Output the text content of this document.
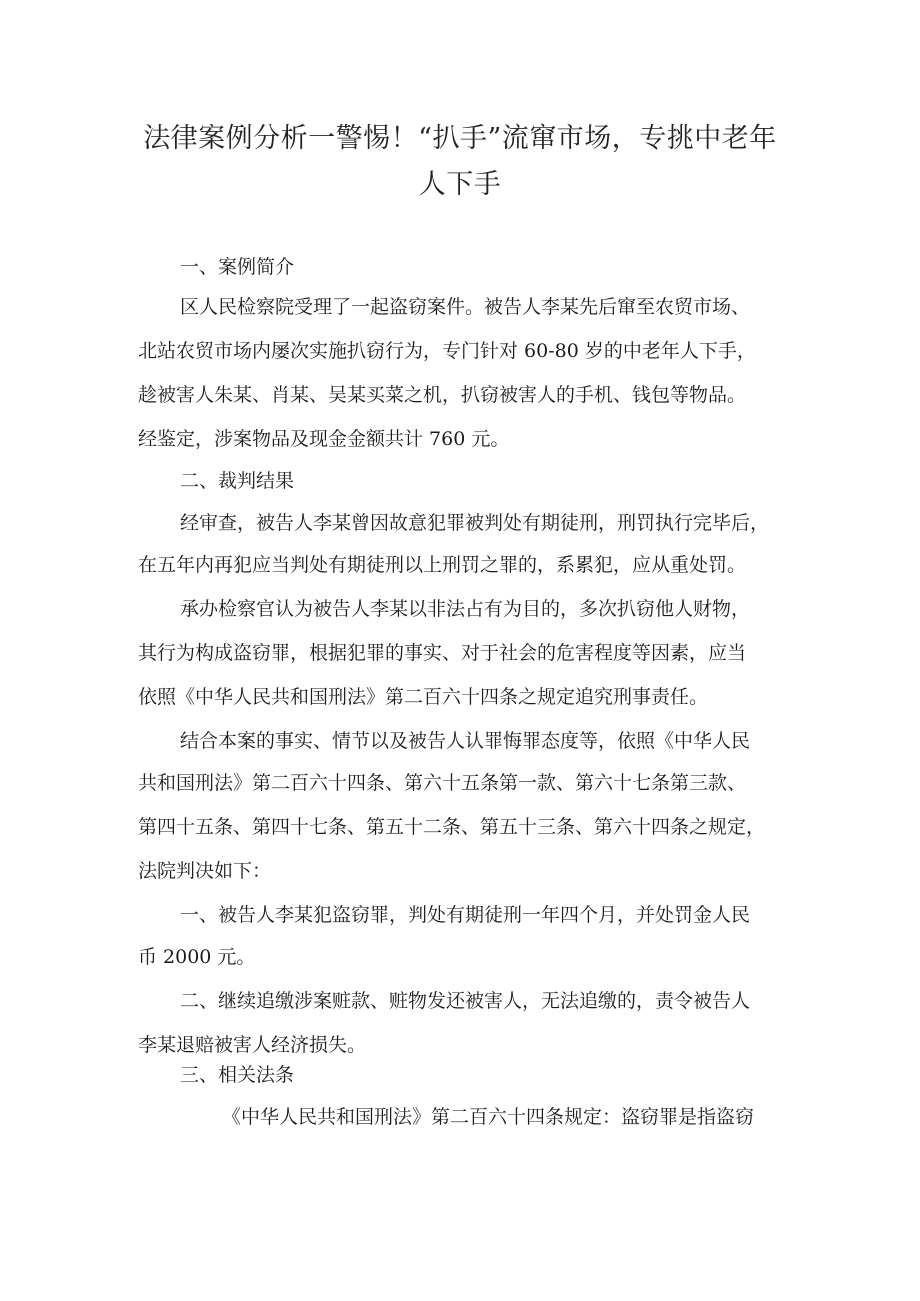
法律案例分析一警惕！“扒手”流窜市场，专挑中老年
人下手
一、案例简介
区人民检察院受理了一起盗窃案件。被告人李某先后窜至农贸市场、
北站农贸市场内屡次实施扒窃行为，专门针对 60-80 岁的中老年人下手，
趁被害人朱某、肖某、吴某买菜之机，扒窃被害人的手机、钱包等物品。
经鉴定，涉案物品及现金金额共计 760 元。
二、裁判结果
经审查，被告人李某曾因故意犯罪被判处有期徒刑，刑罚执行完毕后，
在五年内再犯应当判处有期徒刑以上刑罚之罪的，系累犯，应从重处罚。
承办检察官认为被告人李某以非法占有为目的，多次扒窃他人财物，
其行为构成盗窃罪，根据犯罪的事实、对于社会的危害程度等因素，应当
依照《中华人民共和国刑法》第二百六十四条之规定追究刑事责任。
结合本案的事实、情节以及被告人认罪悔罪态度等，依照《中华人民
共和国刑法》第二百六十四条、第六十五条第一款、第六十七条第三款、
第四十五条、第四十七条、第五十二条、第五十三条、第六十四条之规定，
法院判决如下：
一、被告人李某犯盗窃罪，判处有期徒刑一年四个月，并处罚金人民
币 2000 元。
二、继续追缴涉案赃款、赃物发还被害人，无法追缴的，责令被告人
李某退赔被害人经济损失。
三、相关法条
《中华人民共和国刑法》第二百六十四条规定：盗窃罪是指盗窃
